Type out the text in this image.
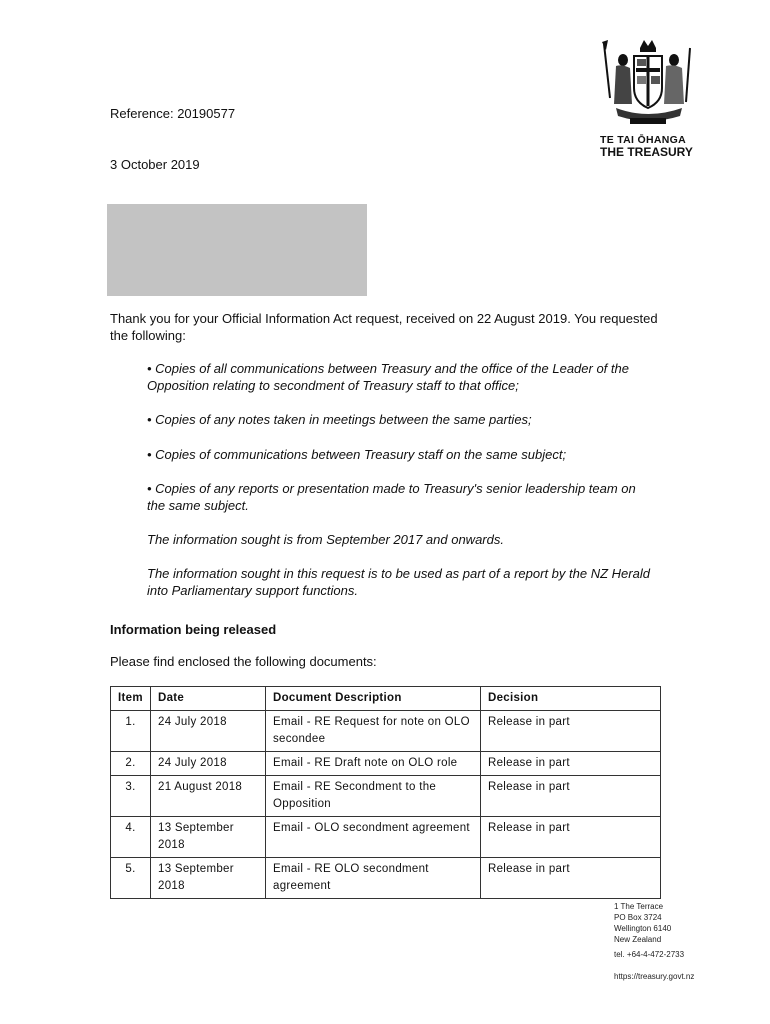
TE TAI ŌHANGA
THE TREASURY
Reference: 20190577
3 October 2019
Thank you for your Official Information Act request, received on 22 August 2019. You requested the following:
• Copies of all communications between Treasury and the office of the Leader of the Opposition relating to secondment of Treasury staff to that office;
• Copies of any notes taken in meetings between the same parties;
• Copies of communications between Treasury staff on the same subject;
• Copies of any reports or presentation made to Treasury's senior leadership team on the same subject.
The information sought is from September 2017 and onwards.
The information sought in this request is to be used as part of a report by the NZ Herald into Parliamentary support functions.
Information being released
Please find enclosed the following documents:
Item	Date	Document Description	Decision
1.	24 July 2018	Email - RE Request for note on OLO secondee	Release in part
2.	24 July 2018	Email - RE Draft note on OLO role	Release in part
3.	21 August 2018	Email - RE Secondment to the Opposition	Release in part
4.	13 September 2018	Email - OLO secondment agreement	Release in part
5.	13 September 2018	Email - RE OLO secondment agreement	Release in part
1 The Terrace
PO Box 3724
Wellington 6140
New Zealand
tel. +64-4-472-2733
https://treasury.govt.nz
